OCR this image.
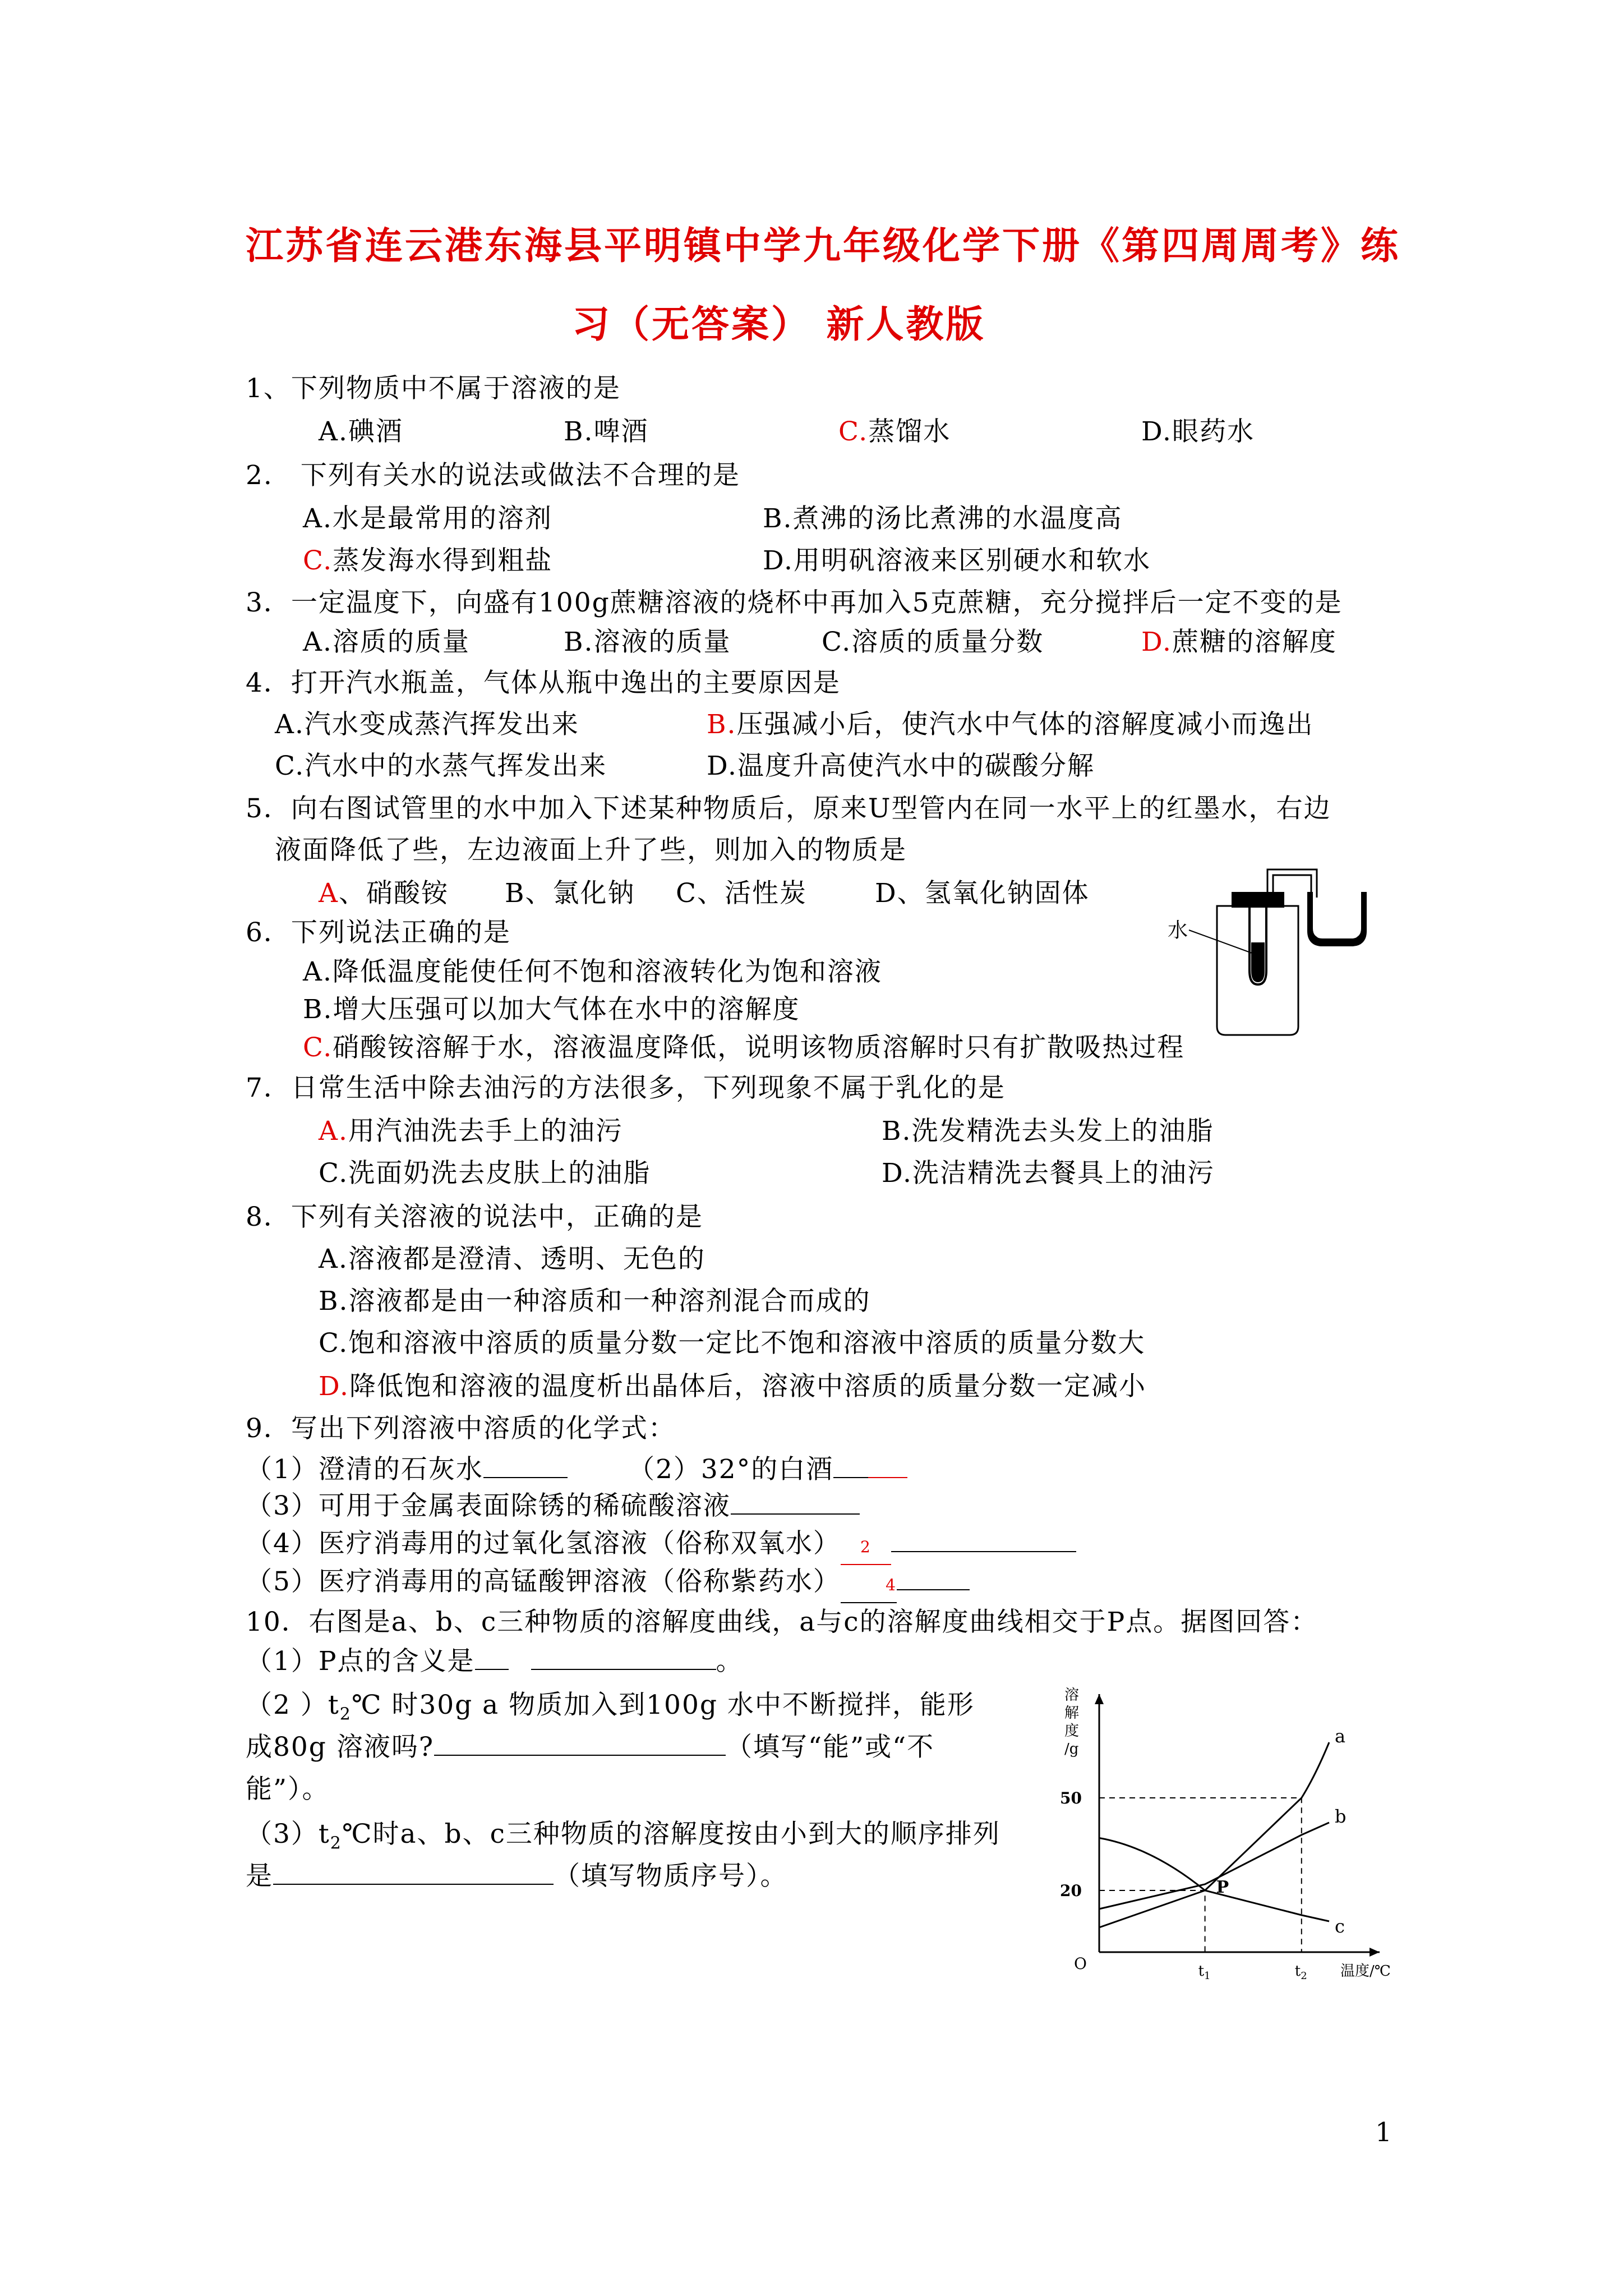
江苏省连云港东海县平明镇中学九年级化学下册《第四周周考》练
习（无答案） 新人教版
1、下列物质中不属于溶液的是
A.碘酒	B.啤酒	C.蒸馏水	D.眼药水
2.　下列有关水的说法或做法不合理的是
A.水是最常用的溶剂	B.煮沸的汤比煮沸的水温度高
C.蒸发海水得到粗盐	D.用明矾溶液来区别硬水和软水
3．一定温度下，向盛有100g蔗糖溶液的烧杯中再加入5克蔗糖，充分搅拌后一定不变的是
A.溶质的质量	B.溶液的质量	C.溶质的质量分数	D.蔗糖的溶解度
4．打开汽水瓶盖，气体从瓶中逸出的主要原因是
A.汽水变成蒸汽挥发出来	B.压强减小后，使汽水中气体的溶解度减小而逸出
C.汽水中的水蒸气挥发出来	D.温度升高使汽水中的碳酸分解
5．向右图试管里的水中加入下述某种物质后，原来U型管内在同一水平上的红墨水，右边
液面降低了些，左边液面上升了些，则加入的物质是
A、硝酸铵 B、氯化钠 C、活性炭	D、氢氧化钠固体
水
6．下列说法正确的是
A.降低温度能使任何不饱和溶液转化为饱和溶液
B.增大压强可以加大气体在水中的溶解度
C.硝酸铵溶解于水，溶液温度降低，说明该物质溶解时只有扩散吸热过程
7．日常生活中除去油污的方法很多，下列现象不属于乳化的是
A.用汽油洗去手上的油污	B.洗发精洗去头发上的油脂
C.洗面奶洗去皮肤上的油脂	D.洗洁精洗去餐具上的油污
8．下列有关溶液的说法中，正确的是
A.溶液都是澄清、透明、无色的
B.溶液都是由一种溶质和一种溶剂混合而成的
C.饱和溶液中溶质的质量分数一定比不饱和溶液中溶质的质量分数大
D.降低饱和溶液的温度析出晶体后，溶液中溶质的质量分数一定减小
9．写出下列溶液中溶质的化学式：
（1）澄清的石灰水	（2）32°的白酒
（3）可用于金属表面除锈的稀硫酸溶液
（4）医疗消毒用的过氧化氢溶液（俗称双氧水） 2
（5）医疗消毒用的高锰酸钾溶液（俗称紫药水）	4
10．右图是a、b、c三种物质的溶解度曲线，a与c的溶解度曲线相交于P点。据图回答：
（1）P点的含义是	。
（2 ）$t_2℃$ 时30g a 物质加入到100g 水中不断搅拌，能形
成80g 溶液吗?	（填写“能”或“不
能”）。
$(3)t_2℃$时a、b、c三种物质的溶解度按由小到大的顺序排列
是	（填写物质序号）。
a
b
c
20
50
$t_1$	$t_2$
O
P
温度/℃
溶解度/g
1
